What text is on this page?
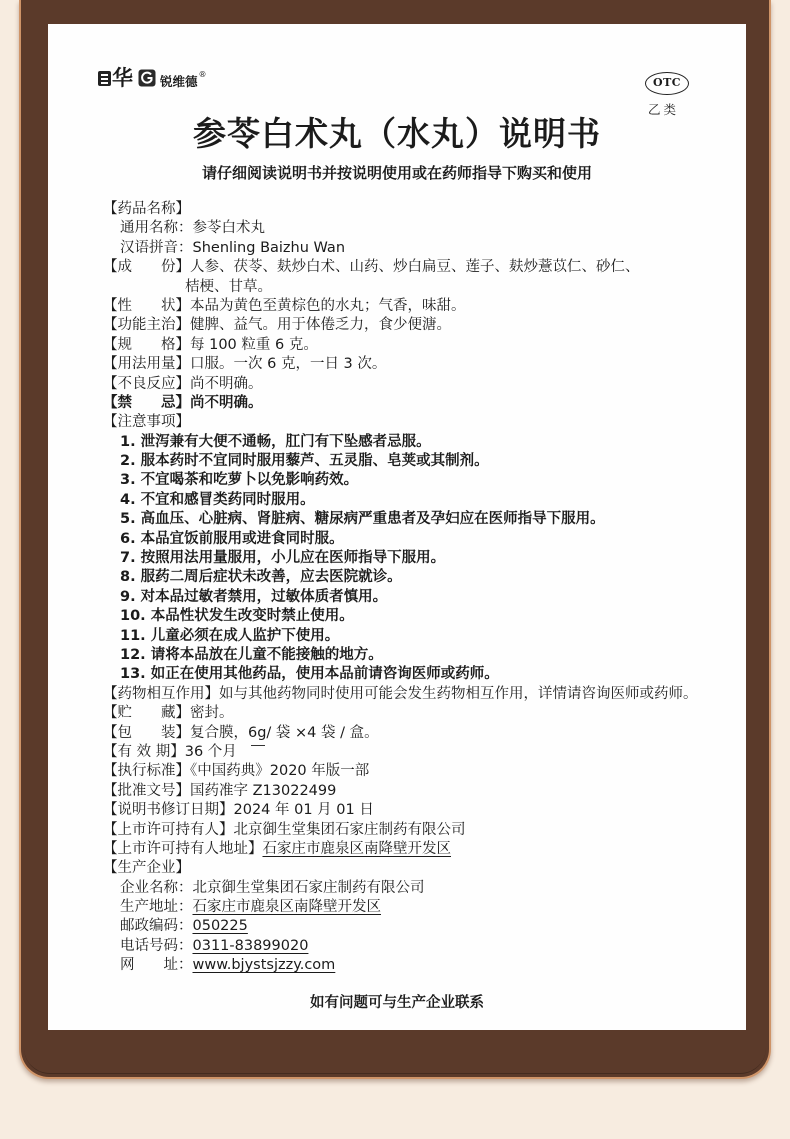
华 锐维德®
OTC
乙类
参苓白术丸（水丸）说明书
请仔细阅读说明书并按说明使用或在药师指导下购买和使用
【药品名称】
通用名称：参苓白术丸
汉语拼音：Shenling Baizhu Wan
【成　　份】人参、茯苓、麸炒白术、山药、炒白扁豆、莲子、麸炒薏苡仁、砂仁、
桔梗、甘草。
【性　　状】本品为黄色至黄棕色的水丸；气香，味甜。
【功能主治】健脾、益气。用于体倦乏力，食少便溏。
【规　　格】每 100 粒重 6 克。
【用法用量】口服。一次 6 克，一日 3 次。
【不良反应】尚不明确。
【禁　　忌】尚不明确。
【注意事项】
1. 泄泻兼有大便不通畅，肛门有下坠感者忌服。
2. 服本药时不宜同时服用藜芦、五灵脂、皂荚或其制剂。
3. 不宜喝茶和吃萝卜以免影响药效。
4. 不宜和感冒类药同时服用。
5. 高血压、心脏病、肾脏病、糖尿病严重患者及孕妇应在医师指导下服用。
6. 本品宜饭前服用或进食同时服。
7. 按照用法用量服用，小儿应在医师指导下服用。
8. 服药二周后症状未改善，应去医院就诊。
9. 对本品过敏者禁用，过敏体质者慎用。
10. 本品性状发生改变时禁止使用。
11. 儿童必须在成人监护下使用。
12. 请将本品放在儿童不能接触的地方。
13. 如正在使用其他药品，使用本品前请咨询医师或药师。
【药物相互作用】如与其他药物同时使用可能会发生药物相互作用，详情请咨询医师或药师。
【贮　　藏】密封。
【包　　装】复合膜，6g/ 袋 ×4 袋 / 盒。
【有 效 期】36 个月
【执行标准】《中国药典》2020 年版一部
【批准文号】国药准字 Z13022499
【说明书修订日期】2024 年 01 月 01 日
【上市许可持有人】北京御生堂集团石家庄制药有限公司
【上市许可持有人地址】石家庄市鹿泉区南降壁开发区
【生产企业】
企业名称：北京御生堂集团石家庄制药有限公司
生产地址：石家庄市鹿泉区南降壁开发区
邮政编码：050225
电话号码：0311-83899020
网　　址：www.bjystsjzzy.com
如有问题可与生产企业联系
